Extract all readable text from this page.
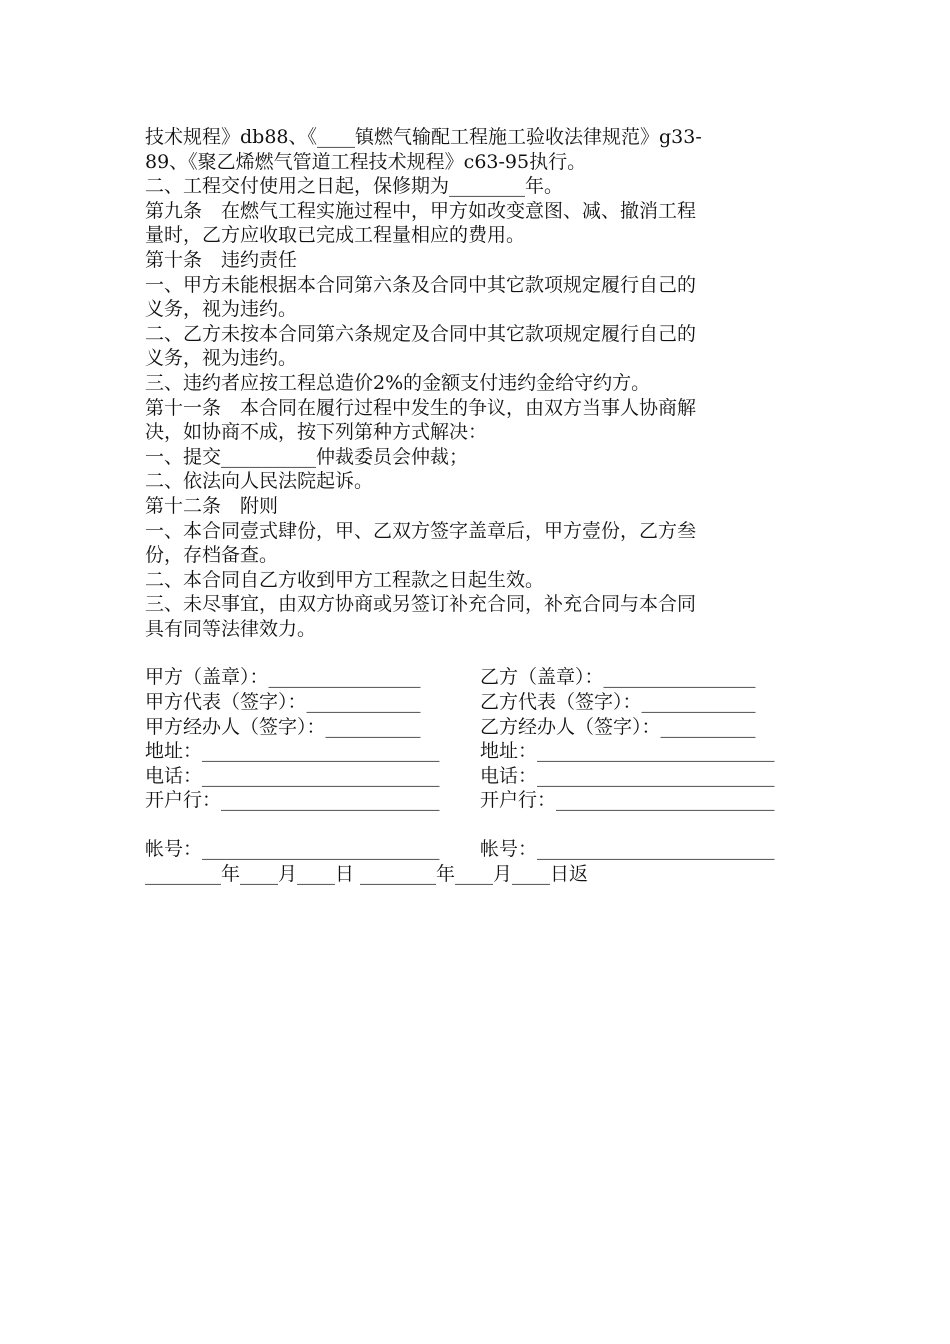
技术规程》db88、《____镇燃气输配工程施工验收法律规范》g33-

89、《聚乙烯燃气管道工程技术规程》c63-95执行。

二、工程交付使用之日起，保修期为________年。

第九条　在燃气工程实施过程中，甲方如改变意图、减、撤消工程

量时，乙方应收取已完成工程量相应的费用。

第十条　违约责任

一、甲方未能根据本合同第六条及合同中其它款项规定履行自己的

义务，视为违约。

二、乙方未按本合同第六条规定及合同中其它款项规定履行自己的

义务，视为违约。

三、违约者应按工程总造价2%的金额支付违约金给守约方。

第十一条　本合同在履行过程中发生的争议，由双方当事人协商解

决，如协商不成，按下列第种方式解决：

一、提交__________仲裁委员会仲裁；

二、依法向人民法院起诉。

第十二条　附则

一、本合同壹式肆份，甲、乙双方签字盖章后，甲方壹份，乙方叁

份，存档备查。

二、本合同自乙方收到甲方工程款之日起生效。

三、未尽事宜，由双方协商或另签订补充合同，补充合同与本合同

具有同等法律效力。

甲方（盖章）：________________	乙方（盖章）：________________
甲方代表（签字）：____________	乙方代表（签字）：____________
甲方经办人（签字）：__________	乙方经办人（签字）：__________
地址：_________________________	地址：_________________________
电话：_________________________	电话：_________________________
开户行：_______________________	开户行：_______________________
帐号：_________________________	帐号：_________________________

________年____月____日 ________年____月____日返
